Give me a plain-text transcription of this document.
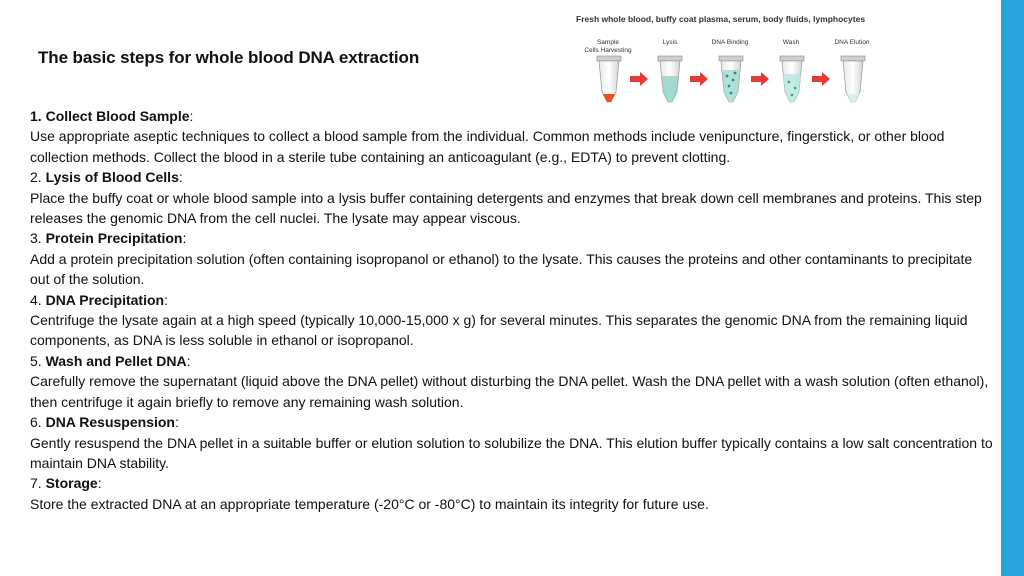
The basic steps for whole blood DNA extraction
Fresh whole blood, buffy coat plasma, serum, body fluids, lymphocytes
Sample
Cells Harvesting
Lysis	DNA Binding	Wash	DNA Elution
1. Collect Blood Sample:
Use appropriate aseptic techniques to collect a blood sample from the individual. Common methods include venipuncture, fingerstick, or other blood collection methods. Collect the blood in a sterile tube containing an anticoagulant (e.g., EDTA) to prevent clotting.
2. Lysis of Blood Cells:
Place the buffy coat or whole blood sample into a lysis buffer containing detergents and enzymes that break down cell membranes and proteins. This step releases the genomic DNA from the cell nuclei. The lysate may appear viscous.
3. Protein Precipitation:
Add a protein precipitation solution (often containing isopropanol or ethanol) to the lysate. This causes the proteins and other contaminants to precipitate out of the solution.
4. DNA Precipitation:
Centrifuge the lysate again at a high speed (typically 10,000-15,000 x g) for several minutes. This separates the genomic DNA from the remaining liquid components, as DNA is less soluble in ethanol or isopropanol.
5. Wash and Pellet DNA:
Carefully remove the supernatant (liquid above the DNA pellet) without disturbing the DNA pellet. Wash the DNA pellet with a wash solution (often ethanol), then centrifuge it again briefly to remove any remaining wash solution.
6. DNA Resuspension:
Gently resuspend the DNA pellet in a suitable buffer or elution solution to solubilize the DNA. This elution buffer typically contains a low salt concentration to maintain DNA stability.
7. Storage:
Store the extracted DNA at an appropriate temperature (-20°C or -80°C) to maintain its integrity for future use.
